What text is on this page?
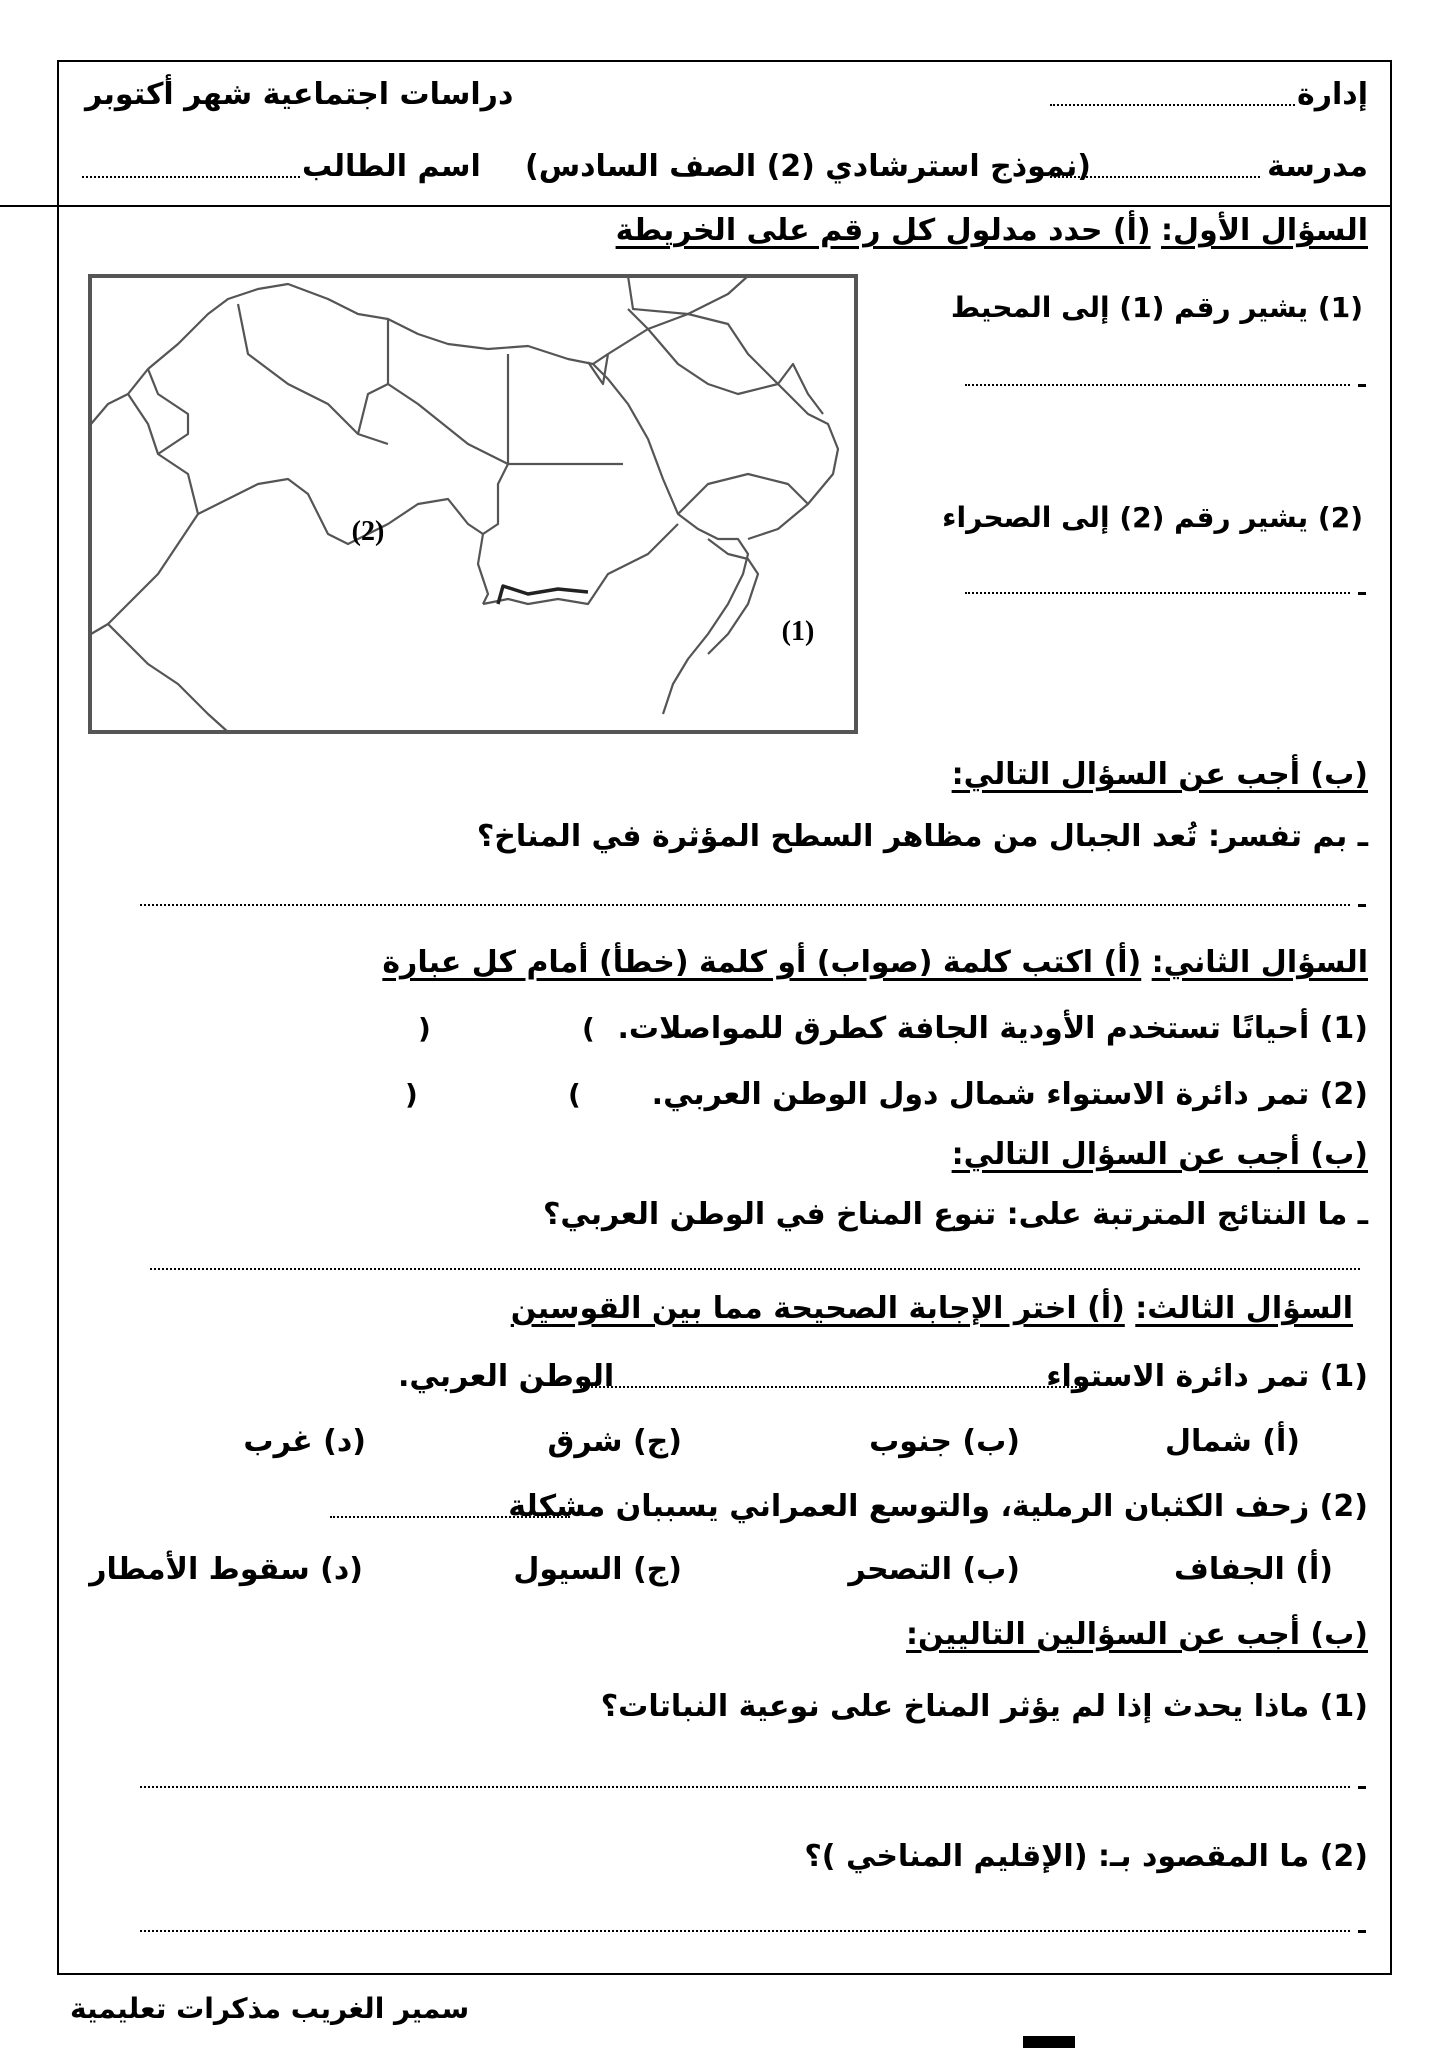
إدارة
دراسات اجتماعية شهر أكتوبر
مدرسة
(نموذج استرشادي (2) الصف السادس)
اسم الطالب
السؤال الأول: (أ) حدد مدلول كل رقم على الخريطة
(2)
(1)
(1) يشير رقم (1) إلى المحيط
(2) يشير رقم (2) إلى الصحراء
(ب) أجب عن السؤال التالي:
ـ بم تفسر: تُعد الجبال من مظاهر السطح المؤثرة في المناخ؟
السؤال الثاني: (أ) اكتب كلمة (صواب) أو كلمة (خطأ) أمام كل عبارة
(1) أحيانًا تستخدم الأودية الجافة كطرق للمواصلات.
(
)
(2) تمر دائرة الاستواء شمال دول الوطن العربي.
(
)
(ب) أجب عن السؤال التالي:
ـ ما النتائج المترتبة على: تنوع المناخ في الوطن العربي؟
السؤال الثالث: (أ) اختر الإجابة الصحيحة مما بين القوسين
(1) تمر دائرة الاستواء
الوطن العربي.
(أ) شمال
(ب) جنوب
(ج) شرق
(د) غرب
(2) زحف الكثبان الرملية، والتوسع العمراني يسببان مشكلة
(أ) الجفاف
(ب) التصحر
(ج) السيول
(د) سقوط الأمطار
(ب) أجب عن السؤالين التاليين:
(1) ماذا يحدث إذا لم يؤثر المناخ على نوعية النباتات؟
(2) ما المقصود بـ: (الإقليم المناخي )؟
سمير الغريب مذكرات تعليمية
